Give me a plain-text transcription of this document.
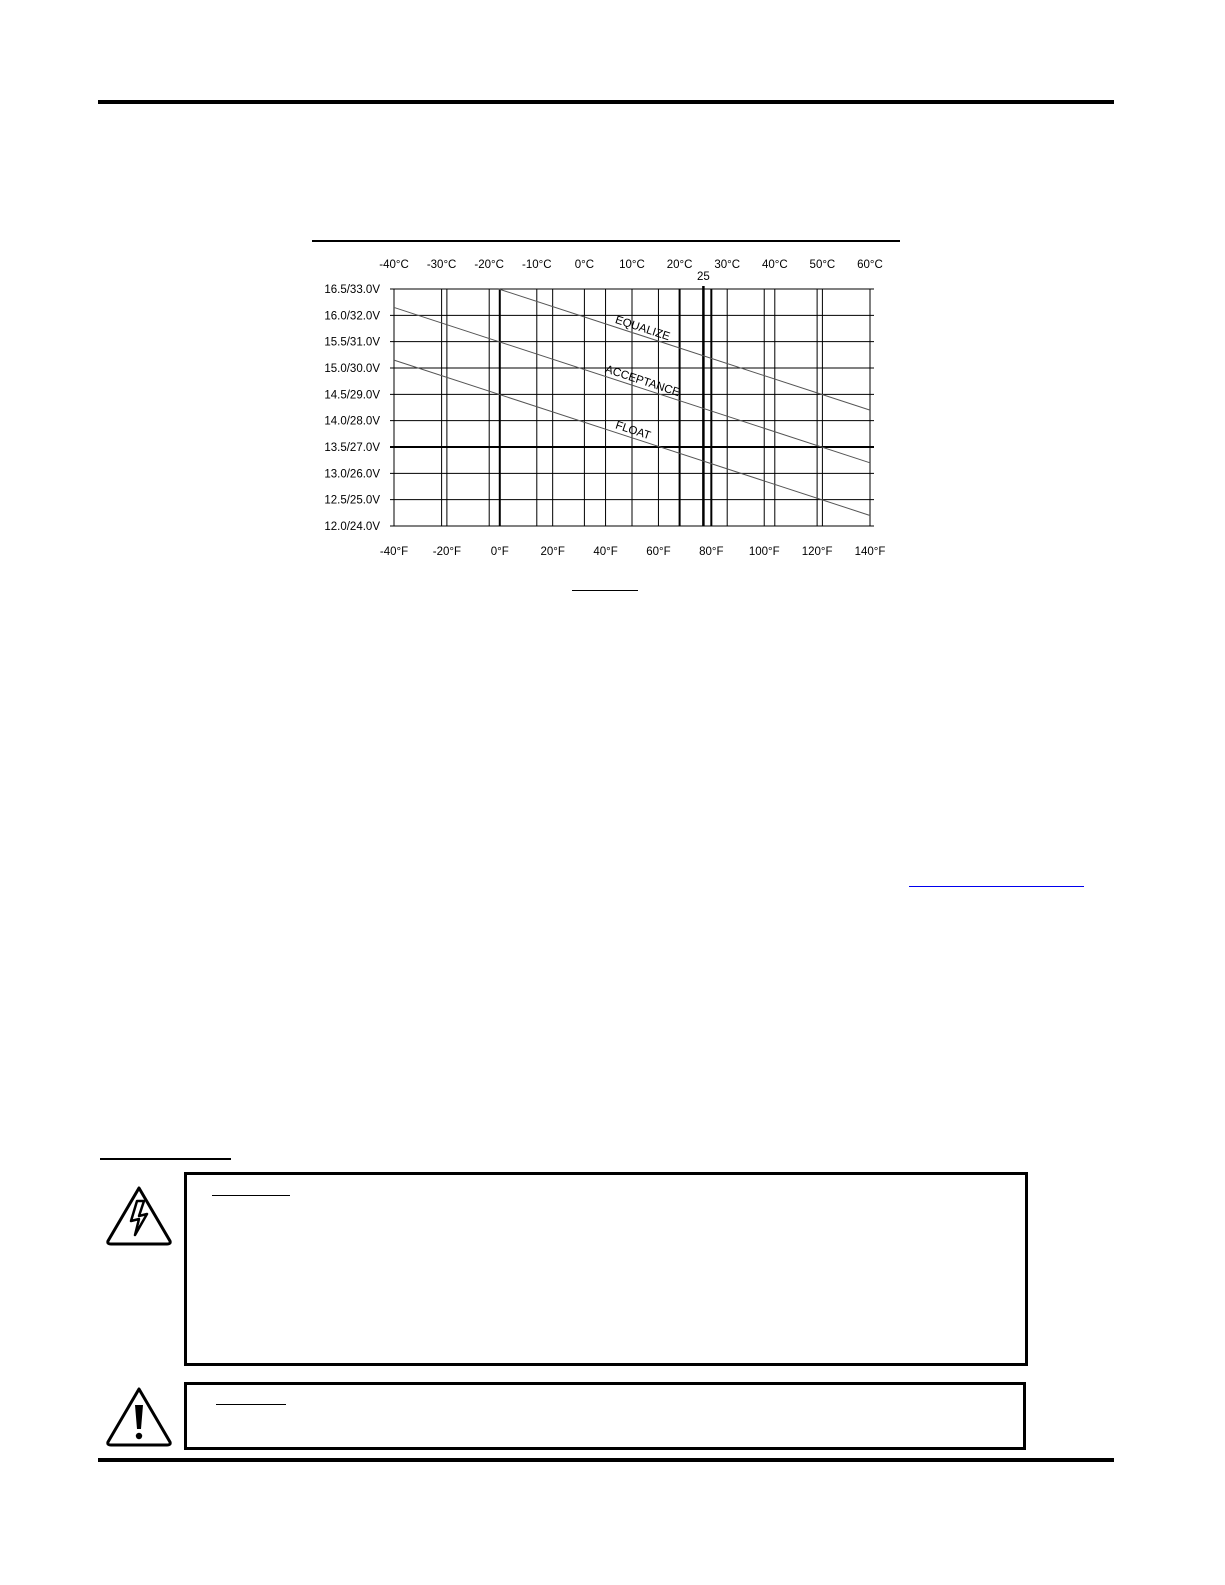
16.5/33.0V
16.0/32.0V
15.5/31.0V
15.0/30.0V
14.5/29.0V
14.0/28.0V
13.5/27.0V
13.0/26.0V
12.5/25.0V
12.0/24.0V
-40°C -30°C -20°C -10°C 0°C 10°C 20°C 30°C 40°C 50°C 60°C
-40°F -20°F	0°F	20°F 40°F 60°F 80°F 100°F 120°F 140°F
25
EQUALIZE
ACCEPTANCE
FLOAT
